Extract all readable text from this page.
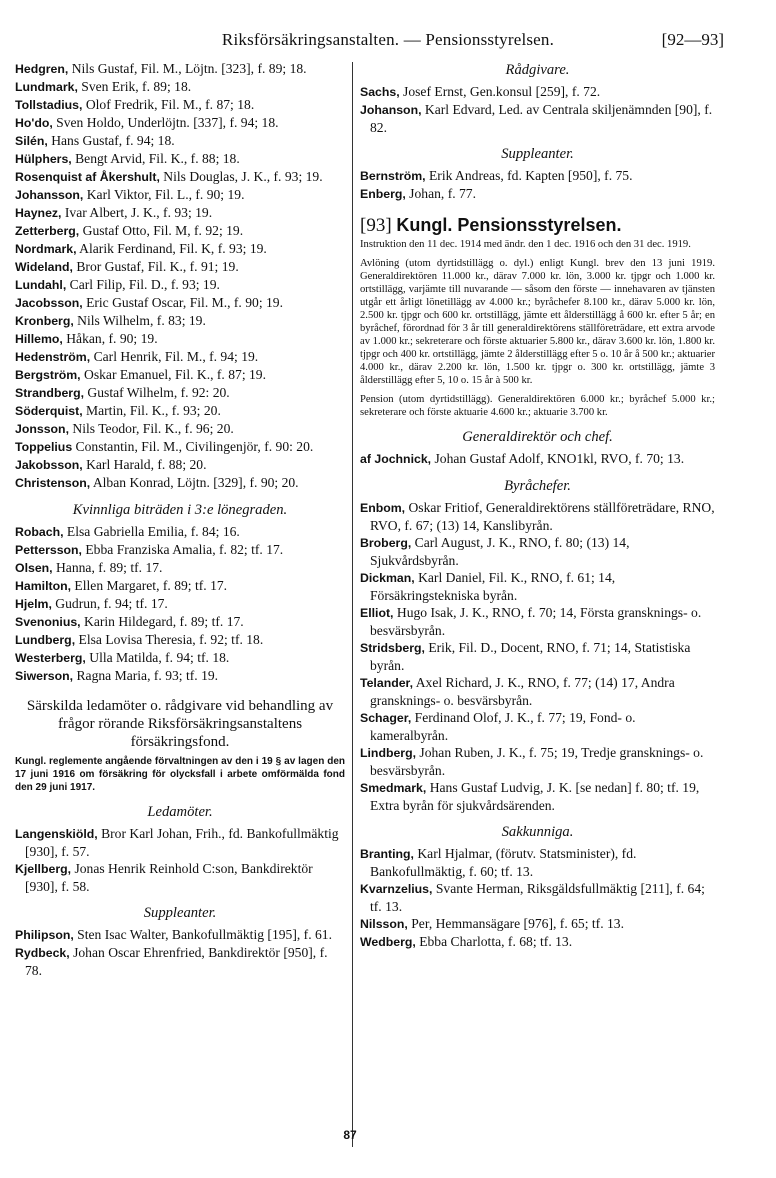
Riksförsäkringsanstalten. — Pensionsstyrelsen.	[92—93]

Hedgren, Nils Gustaf, Fil. M., Löjtn. [323], f. 89; 18.

Lundmark, Sven Erik, f. 89; 18.

Tollstadius, Olof Fredrik, Fil. M., f. 87; 18.

Ho'do, Sven Holdo, Underlöjtn. [337], f. 94; 18.

Silén, Hans Gustaf, f. 94; 18.

Hülphers, Bengt Arvid, Fil. K., f. 88; 18.

Rosenquist af Åkershult, Nils Douglas, J. K., f. 93; 19.

Johansson, Karl Viktor, Fil. L., f. 90; 19.

Haynez, Ivar Albert, J. K., f. 93; 19.

Zetterberg, Gustaf Otto, Fil. M, f. 92; 19.

Nordmark, Alarik Ferdinand, Fil. K, f. 93; 19.

Wideland, Bror Gustaf, Fil. K., f. 91; 19.

Lundahl, Carl Filip, Fil. D., f. 93; 19.

Jacobsson, Eric Gustaf Oscar, Fil. M., f. 90; 19.

Kronberg, Nils Wilhelm, f. 83; 19.

Hillemo, Håkan, f. 90; 19.

Hedenström, Carl Henrik, Fil. M., f. 94; 19.

Bergström, Oskar Emanuel, Fil. K., f. 87; 19.

Strandberg, Gustaf Wilhelm, f. 92: 20.

Söderquist, Martin, Fil. K., f. 93; 20.

Jonsson, Nils Teodor, Fil. K., f. 96; 20.

Toppelius Constantin, Fil. M., Civilingenjör, f. 90: 20.

Jakobsson, Karl Harald, f. 88; 20.

Christenson, Alban Konrad, Löjtn. [329], f. 90; 20.

Kvinnliga biträden i 3:e lönegraden.

Robach, Elsa Gabriella Emilia, f. 84; 16.

Pettersson, Ebba Franziska Amalia, f. 82; tf. 17.

Olsen, Hanna, f. 89; tf. 17.

Hamilton, Ellen Margaret, f. 89; tf. 17.

Hjelm, Gudrun, f. 94; tf. 17.

Svenonius, Karin Hildegard, f. 89; tf. 17.

Lundberg, Elsa Lovisa Theresia, f. 92; tf. 18.

Westerberg, Ulla Matilda, f. 94; tf. 18.

Siwerson, Ragna Maria, f. 93; tf. 19.

Särskilda ledamöter o. rådgivare vid behandling av frågor rörande Riksförsäkringsanstaltens försäkringsfond.
Kungl. reglemente angående förvaltningen av den i 19 § av lagen den 17 juni 1916 om försäkring för olycksfall i arbete omförmälda fond den 29 juni 1917.
Ledamöter.

Langenskiöld, Bror Karl Johan, Frih., fd. Bankofullmäktig [930], f. 57.

Kjellberg, Jonas Henrik Reinhold C:son, Bankdirektör [930], f. 58.

Suppleanter.

Philipson, Sten Isac Walter, Bankofullmäktig [195], f. 61.

Rydbeck, Johan Oscar Ehrenfried, Bankdirektör [950], f. 78.

Rådgivare.

Sachs, Josef Ernst, Gen.konsul [259], f. 72.

Johanson, Karl Edvard, Led. av Centrala skiljenämnden [90], f. 82.

Suppleanter.

Bernström, Erik Andreas, fd. Kapten [950], f. 75.

Enberg, Johan, f. 77.

[93] Kungl. Pensionsstyrelsen.
Instruktion den 11 dec. 1914 med ändr. den 1 dec. 1916 och den 31 dec. 1919.
Avlöning (utom dyrtidstillägg o. dyl.) enligt Kungl. brev den 13 juni 1919. Generaldirektören 11.000 kr., därav 7.000 kr. lön, 3.000 kr. tjpgr och 1.000 kr. ortstillägg, varjämte till nuvarande — såsom den förste — innehavaren av tjänsten utgår ett årligt lönetillägg av 4.000 kr.; byråchefer 8.100 kr., därav 5.000 kr. lön, 2.500 kr. tjpgr och 600 kr. ortstillägg, jämte ett ålderstillägg å 600 kr. efter 5 år; en byråchef, förordnad för 3 år till generaldirektörens ställföreträdare, ett extra arvode av 1.000 kr.; sekreterare och förste aktuarier 5.800 kr., därav 3.600 kr. lön, 1.800 kr. tjpgr och 400 kr. ortstillägg, jämte 2 ålderstillägg efter 5 o. 10 år å 500 kr.; aktuarier 4.000 kr., därav 2.200 kr. lön, 1.500 kr. tjpgr o. 300 kr. ortstillägg, jämte 3 ålderstillägg efter 5, 10 o. 15 år à 500 kr.
Pension (utom dyrtidstillägg). Generaldirektören 6.000 kr.; byråchef 5.000 kr.; sekreterare och förste aktuarie 4.600 kr.; aktuarie 3.700 kr.
Generaldirektör och chef.

af Jochnick, Johan Gustaf Adolf, KNO1kl, RVO, f. 70; 13.

Byråchefer.

Enbom, Oskar Fritiof, Generaldirektörens ställföreträdare, RNO, RVO, f. 67; (13) 14, Kanslibyrån.

Broberg, Carl August, J. K., RNO, f. 80; (13) 14, Sjukvårdsbyrån.

Dickman, Karl Daniel, Fil. K., RNO, f. 61; 14, Försäkringstekniska byrån.

Elliot, Hugo Isak, J. K., RNO, f. 70; 14, Första gransknings- o. besvärsbyrån.

Stridsberg, Erik, Fil. D., Docent, RNO, f. 71; 14, Statistiska byrån.

Telander, Axel Richard, J. K., RNO, f. 77; (14) 17, Andra gransknings- o. besvärsbyrån.

Schager, Ferdinand Olof, J. K., f. 77; 19, Fond- o. kameralbyrån.

Lindberg, Johan Ruben, J. K., f. 75; 19, Tredje gransknings- o. besvärsbyrån.

Smedmark, Hans Gustaf Ludvig, J. K. [se nedan] f. 80; tf. 19, Extra byrån för sjukvårdsärenden.

Sakkunniga.

Branting, Karl Hjalmar, (förutv. Statsminister), fd. Bankofullmäktig, f. 60; tf. 13.

Kvarnzelius, Svante Herman, Riksgäldsfullmäktig [211], f. 64; tf. 13.

Nilsson, Per, Hemmansägare [976], f. 65; tf. 13.

Wedberg, Ebba Charlotta, f. 68; tf. 13.

87
